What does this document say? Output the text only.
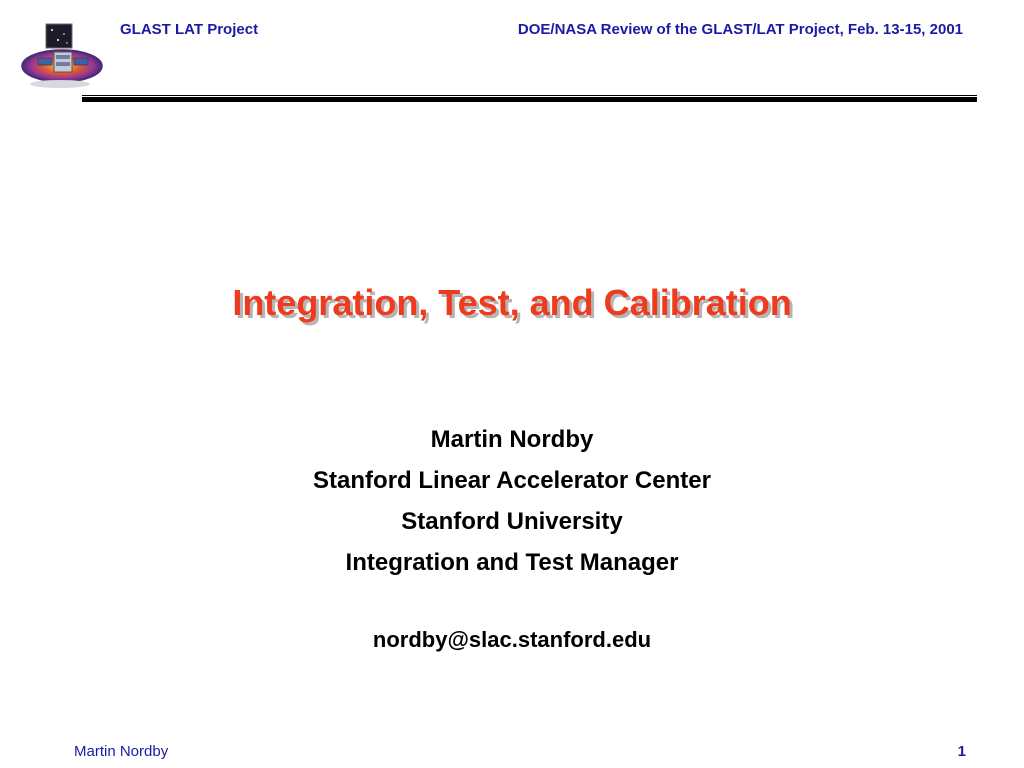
GLAST LAT Project	DOE/NASA Review of the GLAST/LAT Project, Feb. 13-15, 2001
Integration, Test, and Calibration
Martin Nordby
Stanford Linear Accelerator Center
Stanford University
Integration and Test Manager
nordby@slac.stanford.edu
Martin Nordby	1
